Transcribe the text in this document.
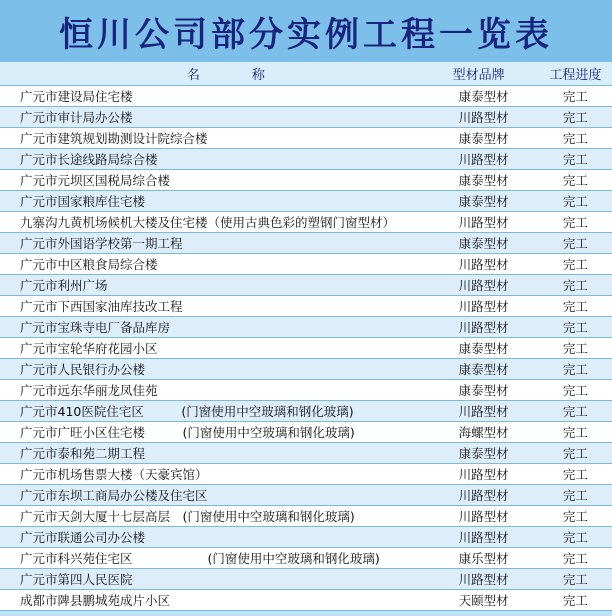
恒川公司部分实例工程一览表
名　　　　称	型材品牌	工程进度
广元市建设局住宅楼	康泰型材	完工
广元市审计局办公楼	川路型材	完工
广元市建筑规划勘测设计院综合楼	康泰型材	完工
广元市长途线路局综合楼	川路型材	完工
广元市元坝区国税局综合楼	康泰型材	完工
广元市国家粮库住宅楼	康泰型材	完工
九寨沟九黄机场候机大楼及住宅楼（使用古典色彩的塑钢门窗型材）	川路型材	完工
广元市外国语学校第一期工程	康泰型材	完工
广元市中区粮食局综合楼	川路型材	完工
广元市利州广场	川路型材	完工
广元市下西国家油库技改工程	川路型材	完工
广元市宝珠寺电厂备品库房	川路型材	完工
广元市宝轮华府花园小区	康泰型材	完工
广元市人民银行办公楼	康泰型材	完工
广元市远东华丽龙凤佳苑	康泰型材	完工
广元市410医院住宅区　　　(门窗使用中空玻璃和钢化玻璃)	川路型材	完工
广元市广旺小区住宅楼　　　(门窗使用中空玻璃和钢化玻璃)	海螺型材	完工
广元市泰和苑二期工程	康泰型材	完工
广元市机场售票大楼（天豪宾馆）	川路型材	完工
广元市东坝工商局办公楼及住宅区	川路型材	完工
广元市天剑大厦十七层高层　(门窗使用中空玻璃和钢化玻璃)	川路型材	完工
广元市联通公司办公楼	川路型材	完工
广元市科兴苑住宅区　　　　　　(门窗使用中空玻璃和钢化玻璃)	康乐型材	完工
广元市第四人民医院	川路型材	完工
成都市陴县鹏城苑成片小区	天颐型材	完工
